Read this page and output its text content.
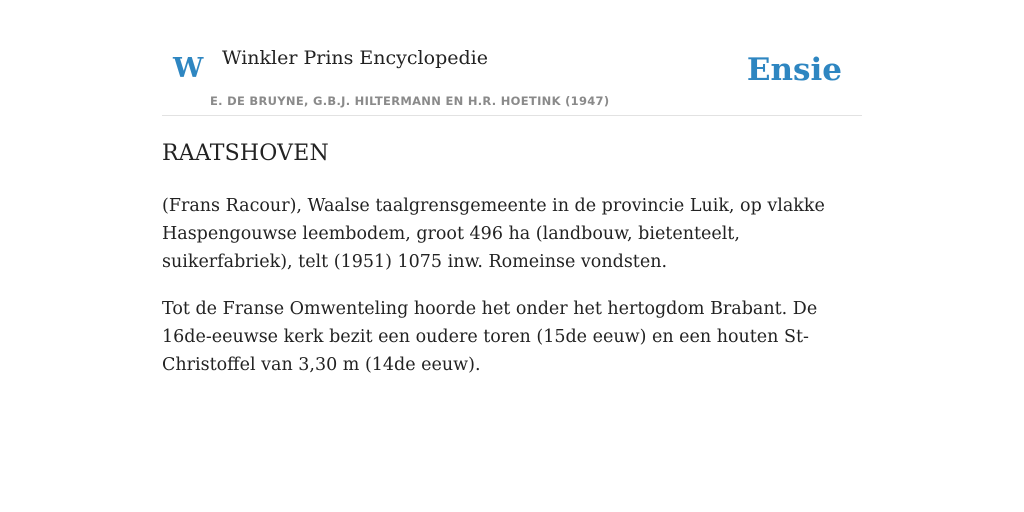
W Winkler Prins Encyclopedie
E. DE BRUYNE, G.B.J. HILTERMANN EN H.R. HOETINK (1947)
Ensie
RAATSHOVEN

(Frans Racour), Waalse taalgrensgemeente in de provincie Luik, op vlakke Haspengouwse leembodem, groot 496 ha (landbouw, bietenteelt, suikerfabriek), telt (1951) 1075 inw. Romeinse vondsten.

Tot de Franse Omwenteling hoorde het onder het hertogdom Brabant. De 16de-eeuwse kerk bezit een oudere toren (15de eeuw) en een houten St-Christoffel van 3,30 m (14de eeuw).
